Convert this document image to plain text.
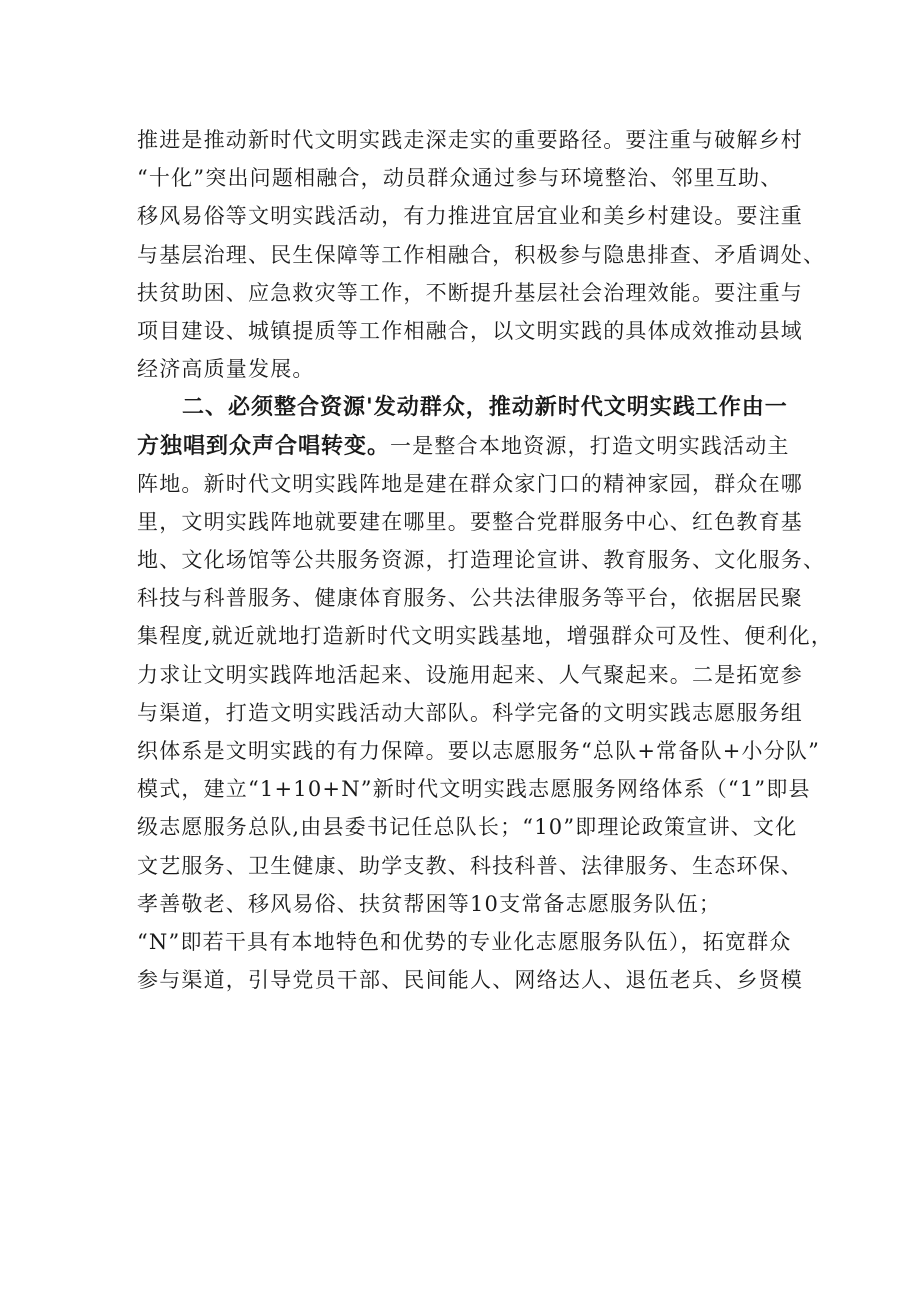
推进是推动新时代文明实践走深走实的重要路径。要注重与破解乡村
“十化”突出问题相融合，动员群众通过参与环境整治、邻里互助、
移风易俗等文明实践活动，有力推进宜居宜业和美乡村建设。要注重
与基层治理、民生保障等工作相融合，积极参与隐患排查、矛盾调处、
扶贫助困、应急救灾等工作，不断提升基层社会治理效能。要注重与
项目建设、城镇提质等工作相融合，以文明实践的具体成效推动县域
经济高质量发展。
二、必须整合资源'发动群众，推动新时代文明实践工作由一
方独唱到众声合唱转变。一是整合本地资源，打造文明实践活动主
阵地。新时代文明实践阵地是建在群众家门口的精神家园，群众在哪
里，文明实践阵地就要建在哪里。要整合党群服务中心、红色教育基
地、文化场馆等公共服务资源，打造理论宣讲、教育服务、文化服务、
科技与科普服务、健康体育服务、公共法律服务等平台，依据居民聚
集程度,就近就地打造新时代文明实践基地，增强群众可及性、便利化，
力求让文明实践阵地活起来、设施用起来、人气聚起来。二是拓宽参
与渠道，打造文明实践活动大部队。科学完备的文明实践志愿服务组
织体系是文明实践的有力保障。要以志愿服务“总队+常备队+小分队”
模式，建立“1+10+N”新时代文明实践志愿服务网络体系（“1”即县
级志愿服务总队,由县委书记任总队长；“10”即理论政策宣讲、文化
文艺服务、卫生健康、助学支教、科技科普、法律服务、生态环保、
孝善敬老、移风易俗、扶贫帮困等10支常备志愿服务队伍；
“N”即若干具有本地特色和优势的专业化志愿服务队伍），拓宽群众
参与渠道，引导党员干部、民间能人、网络达人、退伍老兵、乡贤模
